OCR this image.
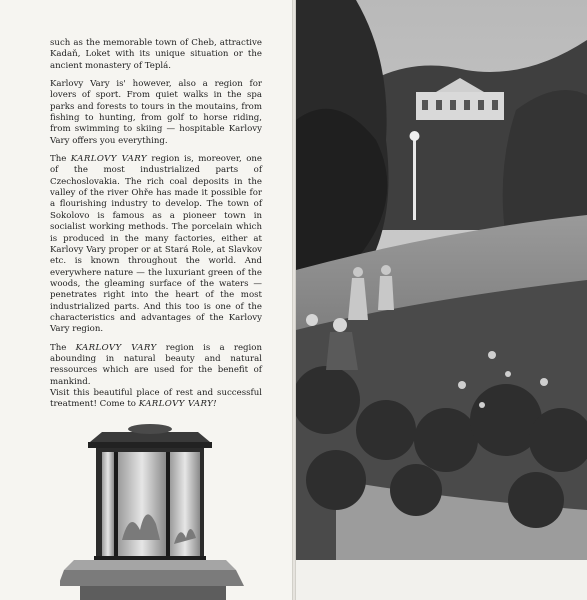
such as the memorable town of Cheb, attractive Kadaň, Loket with its unique situation or the ancient monastery of Teplá.

Karlovy Vary is' however, also a region for lovers of sport. From quiet walks in the spa parks and forests to tours in the moutains, from fishing to hunting, from golf to horse riding, from swimming to skiing — hospitable Karlovy Vary offers you everything.

The KARLOVY VARY region is, moreover, one of the most industrialized parts of Czechoslovakia. The rich coal deposits in the valley of the river Ohře has made it possible for a flourishing industry to develop. The town of Sokolovo is famous as a pioneer town in socialist working methods. The porcelain which is produced in the many factories, either at Karlovy Vary proper or at Stará Role, at Slavkov etc. is known throughout the world. And everywhere nature — the luxuriant green of the woods, the gleaming surface of the waters — penetrates right into the heart of the most industrialized parts. And this too is one of the characteristics and advantages of the Karlovy Vary region.

The KARLOVY VARY region is a region abounding in natural beauty and natural ressources which are used for the benefit of mankind.

Visit this beautiful place of rest and successful treatment! Come to KARLOVY VARY!
